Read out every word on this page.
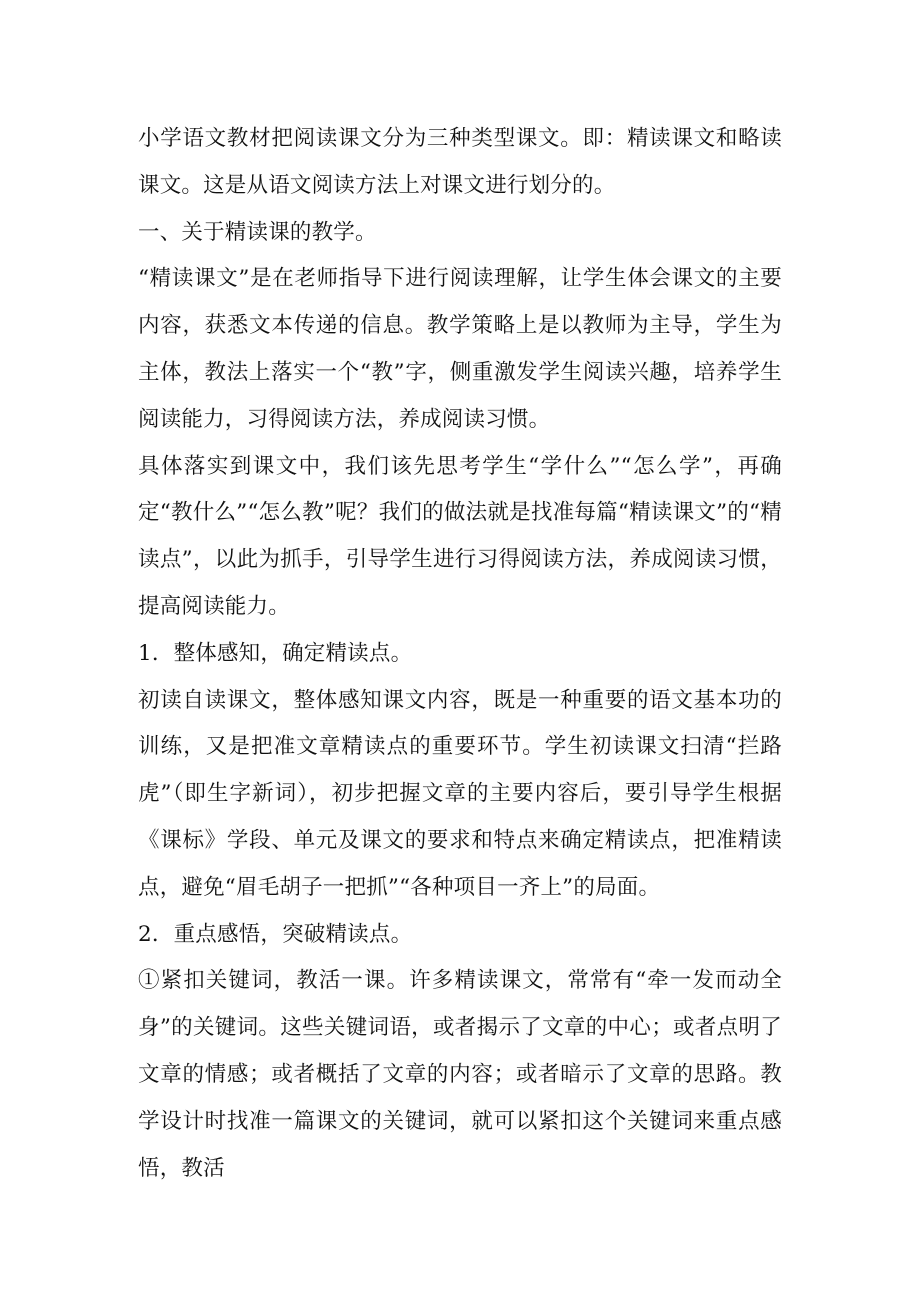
小学语文教材把阅读课文分为三种类型课文。即：精读课文和略读课文。这是从语文阅读方法上对课文进行划分的。

一、关于精读课的教学。

“精读课文”是在老师指导下进行阅读理解，让学生体会课文的主要内容，获悉文本传递的信息。教学策略上是以教师为主导，学生为主体，教法上落实一个“教”字，侧重激发学生阅读兴趣，培养学生阅读能力，习得阅读方法，养成阅读习惯。

具体落实到课文中，我们该先思考学生“学什么”“怎么学”，再确定“教什么”“怎么教”呢？我们的做法就是找准每篇“精读课文”的“精读点”，以此为抓手，引导学生进行习得阅读方法，养成阅读习惯，提高阅读能力。

1．整体感知，确定精读点。

初读自读课文，整体感知课文内容，既是一种重要的语文基本功的训练，又是把准文章精读点的重要环节。学生初读课文扫清“拦路虎”（即生字新词），初步把握文章的主要内容后，要引导学生根据《课标》学段、单元及课文的要求和特点来确定精读点，把准精读点，避免“眉毛胡子一把抓”“各种项目一齐上”的局面。

2．重点感悟，突破精读点。

①紧扣关键词，教活一课。许多精读课文，常常有“牵一发而动全身”的关键词。这些关键词语，或者揭示了文章的中心；或者点明了文章的情感；或者概括了文章的内容；或者暗示了文章的思路。教学设计时找准一篇课文的关键词，就可以紧扣这个关键词来重点感悟，教活
